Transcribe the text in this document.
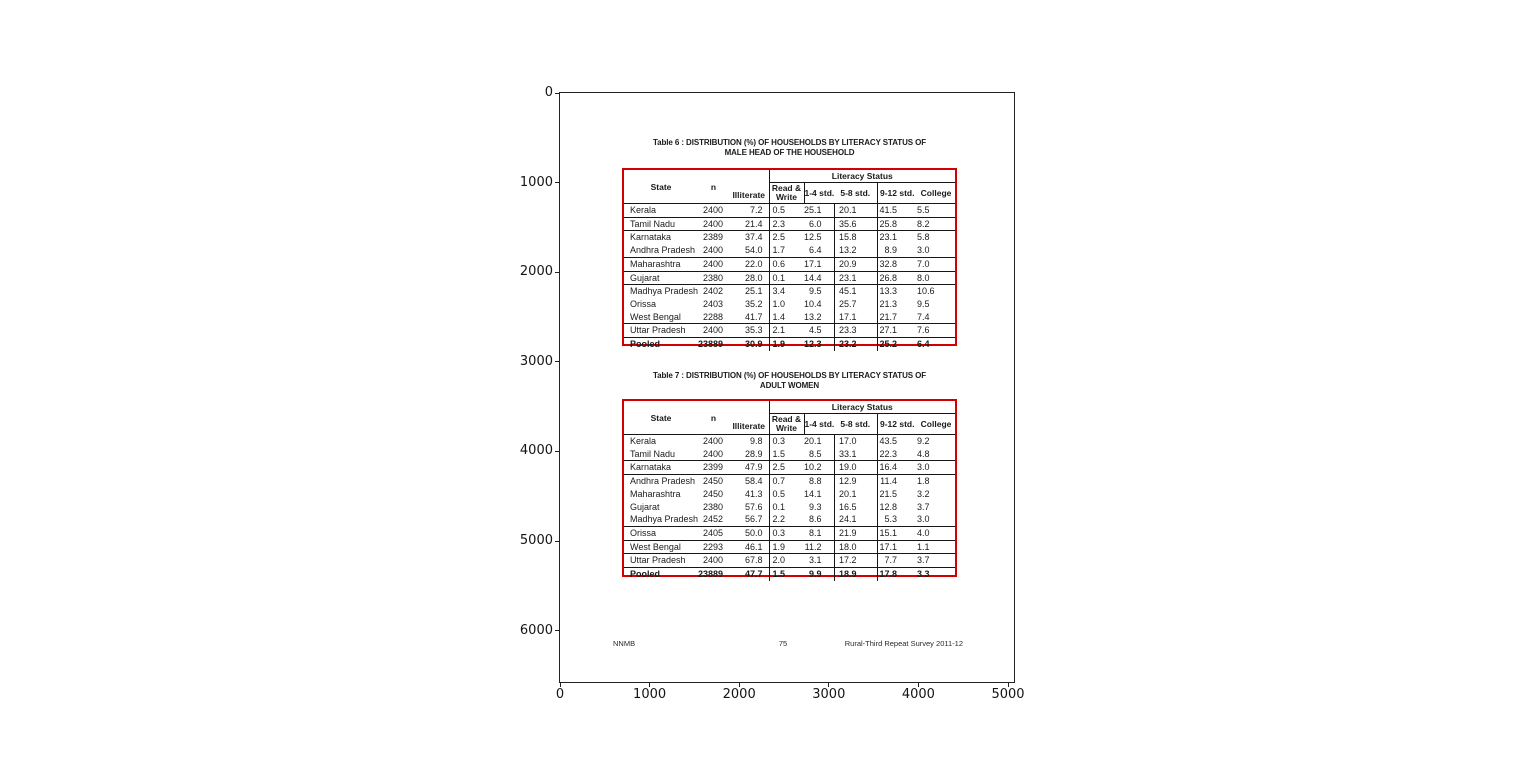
NNMB	75	Rural-Third Repeat Survey 2011-12
Table 6 : DISTRIBUTION (%) OF HOUSEHOLDS BY LITERACY STATUS OF
MALE HEAD OF THE HOUSEHOLD
State	n	Illiterate	Literacy Status				
			Read & Write	1-4 std.	5-8 std.	9-12 std.	College
Kerala	2400	7.2	0.5	25.1	20.1	41.5	5.5
Tamil Nadu	2400	21.4	2.3	6.0	35.6	25.8	8.2
Karnataka	2389	37.4	2.5	12.5	15.8	23.1	5.8
Andhra Pradesh	2400	54.0	1.7	6.4	13.2	8.9	3.0
Maharashtra	2400	22.0	0.6	17.1	20.9	32.8	7.0
Gujarat	2380	28.0	0.1	14.4	23.1	26.8	8.0
Madhya Pradesh	2402	25.1	3.4	9.5	45.1	13.3	10.6
Orissa	2403	35.2	1.0	10.4	25.7	21.3	9.5
West Bengal	2288	41.7	1.4	13.2	17.1	21.7	7.4
Uttar Pradesh	2400	35.3	2.1	4.5	23.3	27.1	7.6
Pooled	23889	30.9	1.9	12.3	23.2	25.2	6.4
Table 7 : DISTRIBUTION (%) OF HOUSEHOLDS BY LITERACY STATUS OF
ADULT WOMEN
State	n	Illiterate	Literacy Status				
			Read & Write	1-4 std.	5-8 std.	9-12 std.	College
Kerala	2400	9.8	0.3	20.1	17.0	43.5	9.2
Tamil Nadu	2400	28.9	1.5	8.5	33.1	22.3	4.8
Karnataka	2399	47.9	2.5	10.2	19.0	16.4	3.0
Andhra Pradesh	2450	58.4	0.7	8.8	12.9	11.4	1.8
Maharashtra	2450	41.3	0.5	14.1	20.1	21.5	3.2
Gujarat	2380	57.6	0.1	9.3	16.5	12.8	3.7
Madhya Pradesh	2452	56.7	2.2	8.6	24.1	5.3	3.0
Orissa	2405	50.0	0.3	8.1	21.9	15.1	4.0
West Bengal	2293	46.1	1.9	11.2	18.0	17.1	1.1
Uttar Pradesh	2400	67.8	2.0	3.1	17.2	7.7	3.7
Pooled	23889	47.7	1.5	9.9	18.9	17.8	3.3
0
1000
2000
3000
4000
5000
6000
0	1000	2000	3000	4000	5000
